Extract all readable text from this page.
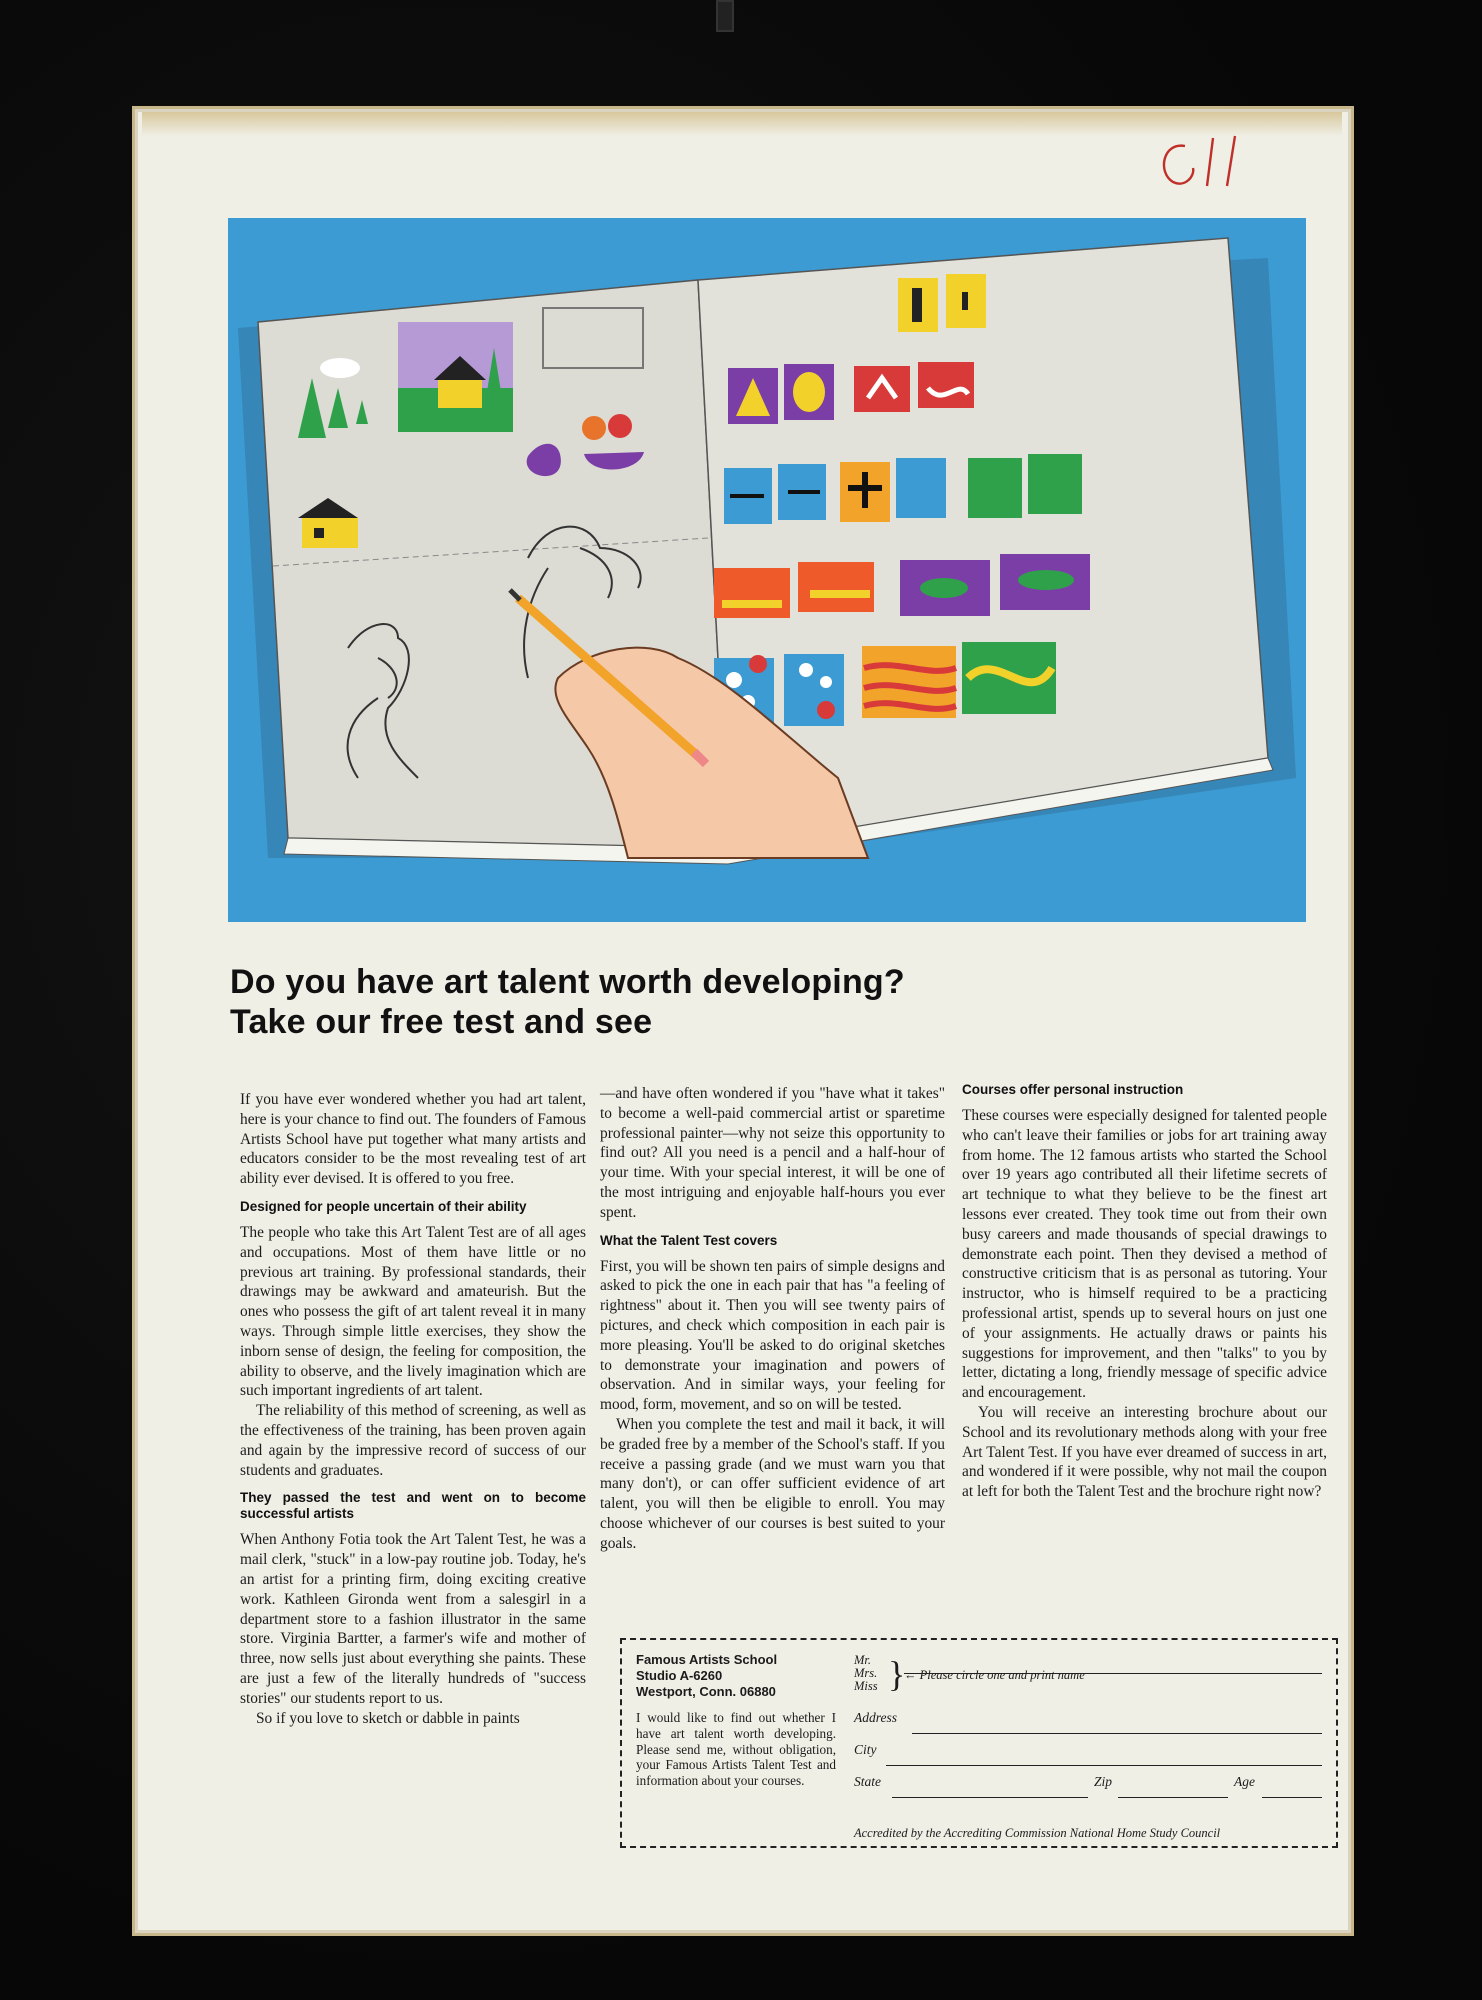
Do you have art talent worth developing?
Take our free test and see

If you have ever wondered whether you had art talent, here is your chance to find out. The founders of Famous Artists School have put together what many artists and educators consider to be the most revealing test of art ability ever devised. It is offered to you free.

Designed for people uncertain of their ability

The people who take this Art Talent Test are of all ages and occupations. Most of them have little or no previous art training. By professional standards, their drawings may be awkward and amateurish. But the ones who possess the gift of art talent reveal it in many ways. Through simple little exercises, they show the inborn sense of design, the feeling for composition, the ability to observe, and the lively imagination which are such important ingredients of art talent.

The reliability of this method of screening, as well as the effectiveness of the training, has been proven again and again by the impressive record of success of our students and graduates.

They passed the test and went on to become successful artists

When Anthony Fotia took the Art Talent Test, he was a mail clerk, "stuck" in a low-pay routine job. Today, he's an artist for a printing firm, doing exciting creative work. Kathleen Gironda went from a salesgirl in a department store to a fashion illustrator in the same store. Virginia Bartter, a farmer's wife and mother of three, now sells just about everything she paints. These are just a few of the literally hundreds of "success stories" our students report to us.

So if you love to sketch or dabble in paints

—and have often wondered if you "have what it takes" to become a well-paid commercial artist or sparetime professional painter—why not seize this opportunity to find out? All you need is a pencil and a half-hour of your time. With your special interest, it will be one of the most intriguing and enjoyable half-hours you ever spent.

What the Talent Test covers

First, you will be shown ten pairs of simple designs and asked to pick the one in each pair that has "a feeling of rightness" about it. Then you will see twenty pairs of pictures, and check which composition in each pair is more pleasing. You'll be asked to do original sketches to demonstrate your imagination and powers of observation. And in similar ways, your feeling for mood, form, movement, and so on will be tested.

When you complete the test and mail it back, it will be graded free by a member of the School's staff. If you receive a passing grade (and we must warn you that many don't), or can offer sufficient evidence of art talent, you will then be eligible to enroll. You may choose whichever of our courses is best suited to your goals.

Courses offer personal instruction

These courses were especially designed for talented people who can't leave their families or jobs for art training away from home. The 12 famous artists who started the School over 19 years ago contributed all their lifetime secrets of art technique to what they believe to be the finest art lessons ever created. They took time out from their own busy careers and made thousands of special drawings to demonstrate each point. Then they devised a method of constructive criticism that is as personal as tutoring. Your instructor, who is himself required to be a practicing professional artist, spends up to several hours on just one of your assignments. He actually draws or paints his suggestions for improvement, and then "talks" to you by letter, dictating a long, friendly message of specific advice and encouragement.

You will receive an interesting brochure about our School and its revolutionary methods along with your free Art Talent Test. If you have ever dreamed of success in art, and wondered if it were possible, why not mail the coupon at left for both the Talent Test and the brochure right now?

Famous Artists School
Studio A-6260
Westport, Conn. 06880
I would like to find out whether I have art talent worth developing. Please send me, without obligation, your Famous Artists Talent Test and information about your courses.
Mr.
Mrs.
Miss }
← Please circle one and print name
Address
City
State	Zip	Age
Accredited by the Accrediting Commission National Home Study Council
